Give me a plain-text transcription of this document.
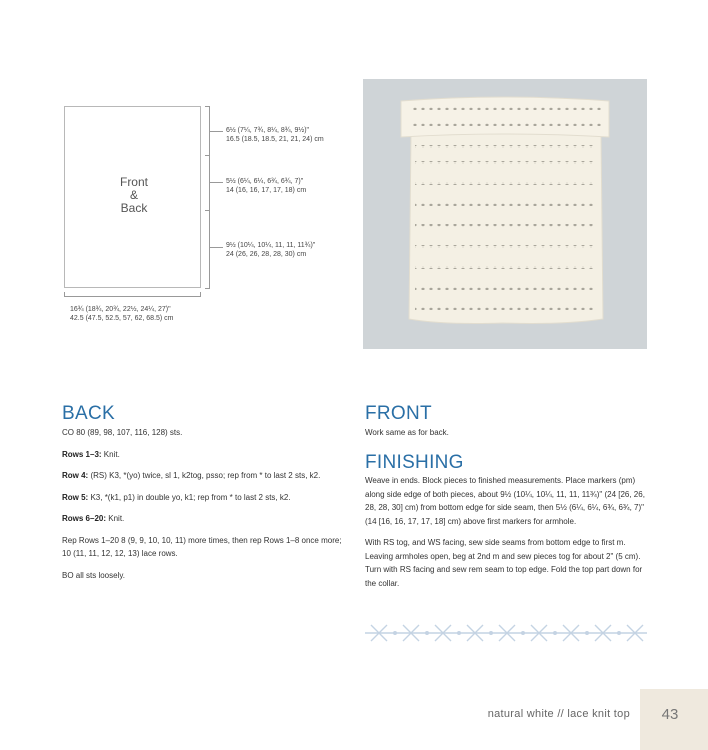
Front
&
Back
6½ (7¼, 7¾, 8¼, 8¾, 9½)"
16.5 (18.5, 18.5, 21, 21, 24) cm
5½ (6¼, 6¼, 6¾, 6¾, 7)"
14 (16, 16, 17, 17, 18) cm
9½ (10¼, 10¼, 11, 11, 11¾)"
24 (26, 26, 28, 28, 30) cm
16¾ (18¾, 20¾, 22½, 24¼, 27)"
42.5 (47.5, 52.5, 57, 62, 68.5) cm
BACK
CO 80 (89, 98, 107, 116, 128) sts.
Rows 1–3: Knit.
Row 4: (RS) K3, *(yo) twice, sl 1, k2tog, psso; rep from * to last 2 sts, k2.
Row 5: K3, *(k1, p1) in double yo, k1; rep from * to last 2 sts, k2.
Rows 6–20: Knit.
Rep Rows 1–20 8 (9, 9, 10, 10, 11) more times, then rep Rows 1–8 once more; 10 (11, 11, 12, 12, 13) lace rows.
BO all sts loosely.
FRONT
Work same as for back.
FINISHING
Weave in ends. Block pieces to finished measurements. Place markers (pm) along side edge of both pieces, about 9½ (10¼, 10¼, 11, 11, 11¾)" (24 [26, 26, 28, 28, 30] cm) from bottom edge for side seam, then 5½ (6¼, 6¼, 6¾, 6¾, 7)" (14 [16, 16, 17, 17, 18] cm) above first markers for armhole.
With RS tog, and WS facing, sew side seams from bottom edge to first m. Leaving armholes open, beg at 2nd m and sew pieces tog for about 2" (5 cm). Turn with RS facing and sew rem seam to top edge. Fold the top part down for the collar.
natural white // lace knit top	43
